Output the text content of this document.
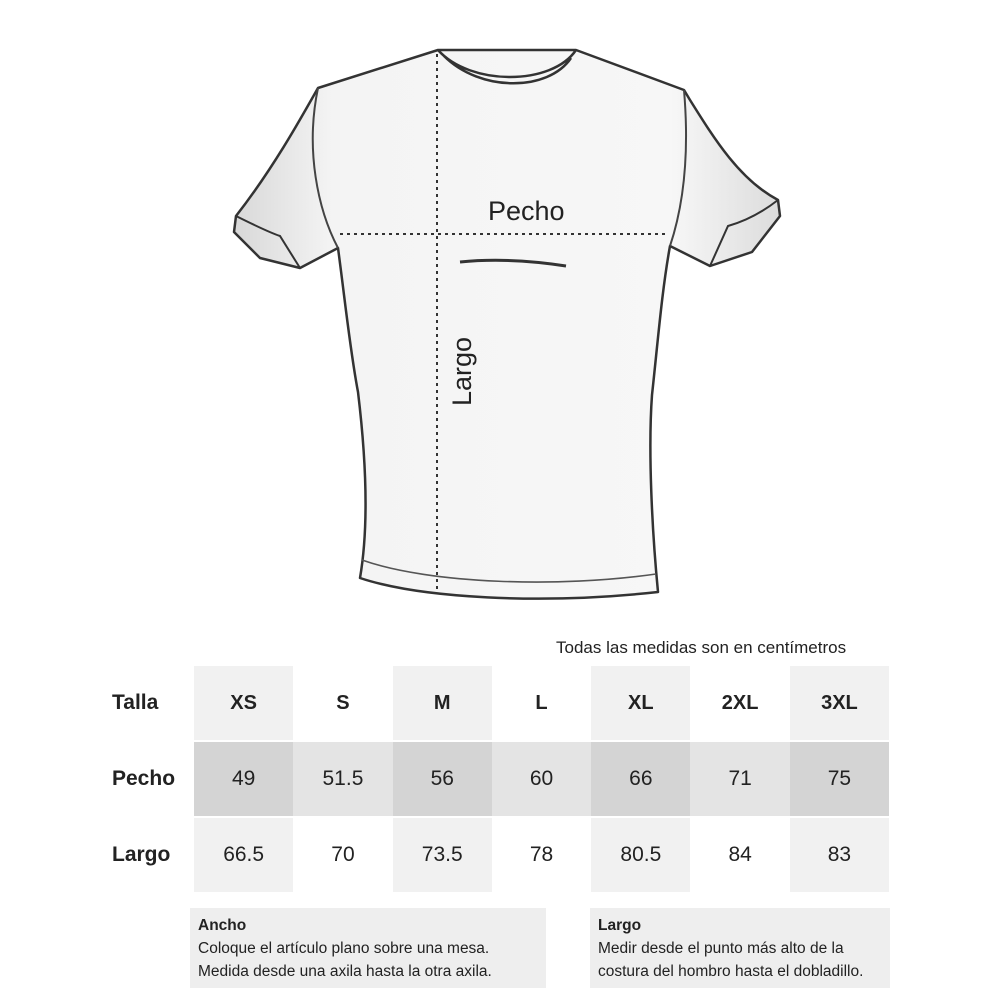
Pecho
Largo
Todas las medidas son en centímetros
Talla	XS	S	M	L	XL	2XL	3XL
Pecho	49	51.5	56	60	66	71	75
Largo	66.5	70	73.5	78	80.5	84	83
Ancho
Coloque el artículo plano sobre una mesa.
Medida desde una axila hasta la otra axila.
Largo
Medir desde el punto más alto de la
costura del hombro hasta el dobladillo.
